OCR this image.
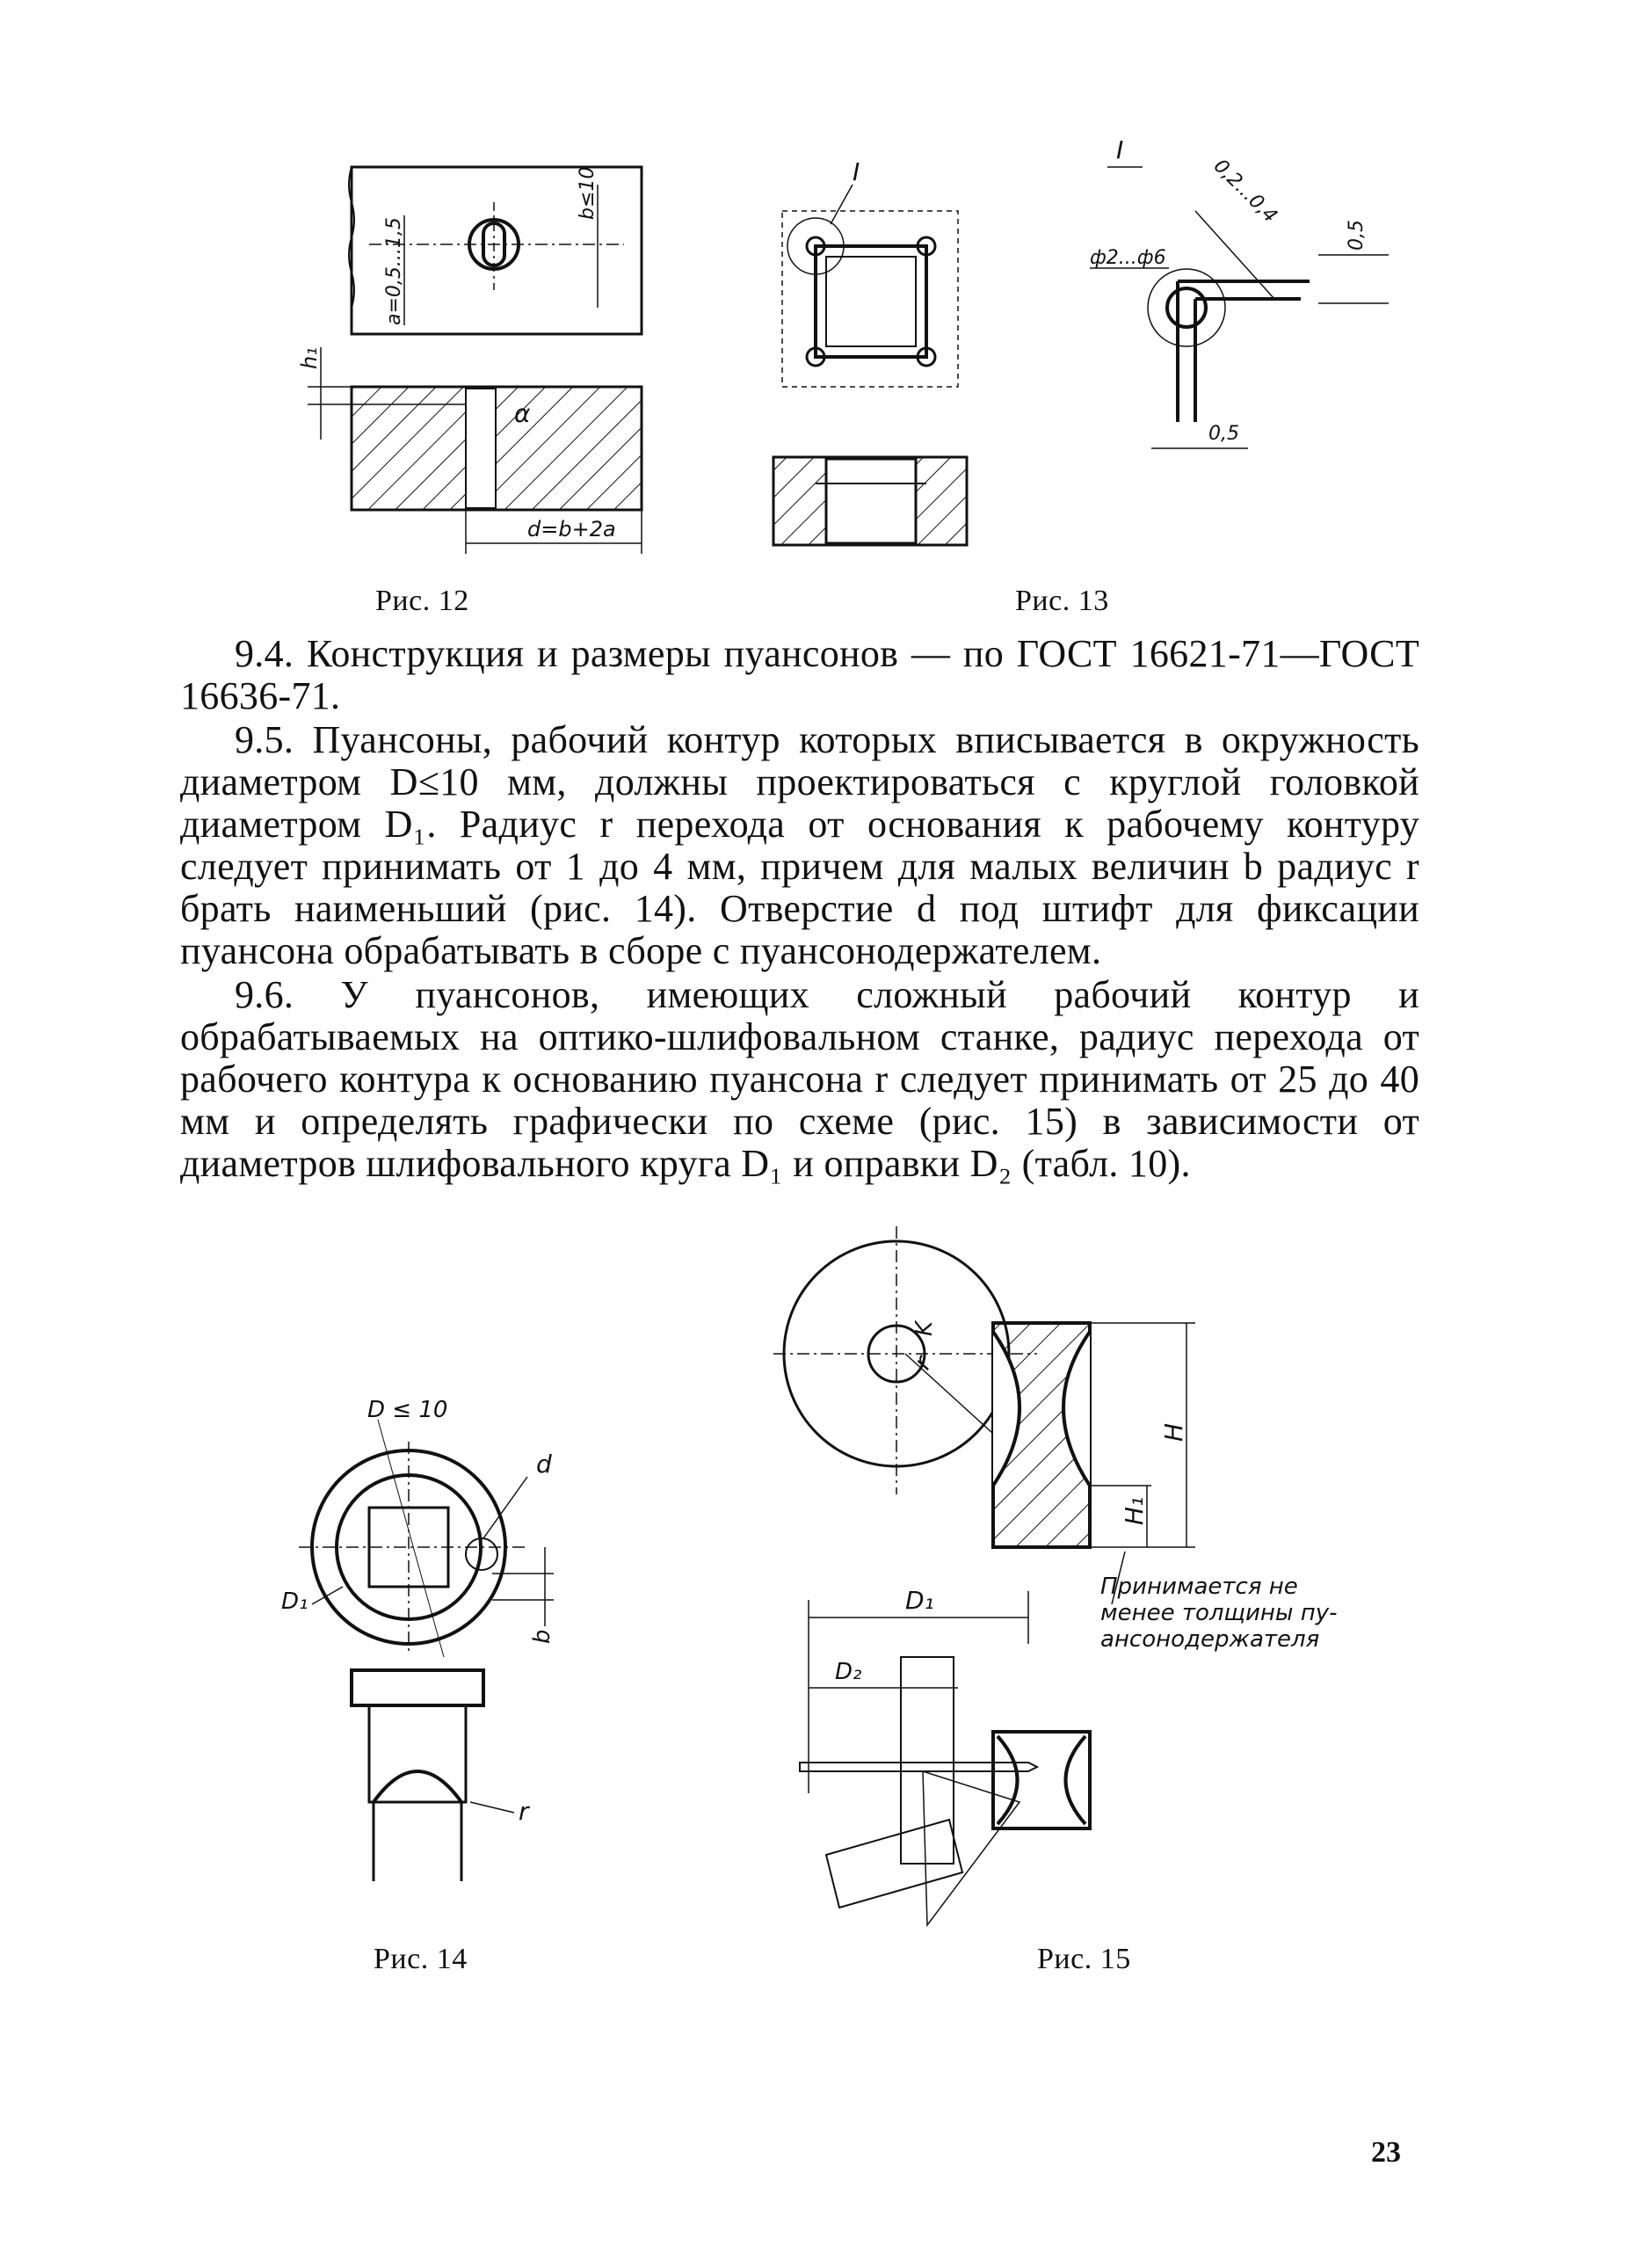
a=0,5...1,5
b≤10
h₁
α
d=b+2a
Рис. 12
I
I
0,2...0,4
ф2...ф6
0,5
0,5
Рис. 13

9.4. Конструкция и размеры пуансонов — по ГОСТ 16621-71—ГОСТ 16636-71.

9.5. Пуансоны, рабочий контур которых вписывается в окружность диаметром D≤10 мм, должны проектироваться с круглой головкой диаметром D₁. Радиус r перехода от основания к рабочему контуру следует принимать от 1 до 4 мм, причем для малых величин b радиус r брать наименьший (рис. 14). Отверстие d под штифт для фиксации пуансона обрабатывать в сборе с пуансонодержателем.

9.6. У пуансонов, имеющих сложный рабочий контур и обрабатываемых на оптико-шлифовальном станке, радиус перехода от рабочего контура к основанию пуансона r следует принимать от 25 до 40 мм и определять графически по схеме (рис. 15) в зависимости от диаметров шлифовального круга D₁ и оправки D₂ (табл. 10).

D ≤ 10
d
D₁
b
r
Рис. 14
K
r
H
H₁
D₁
D₂
Принимается не
менее толщины пу-
ансонодержателя
Рис. 15
23
